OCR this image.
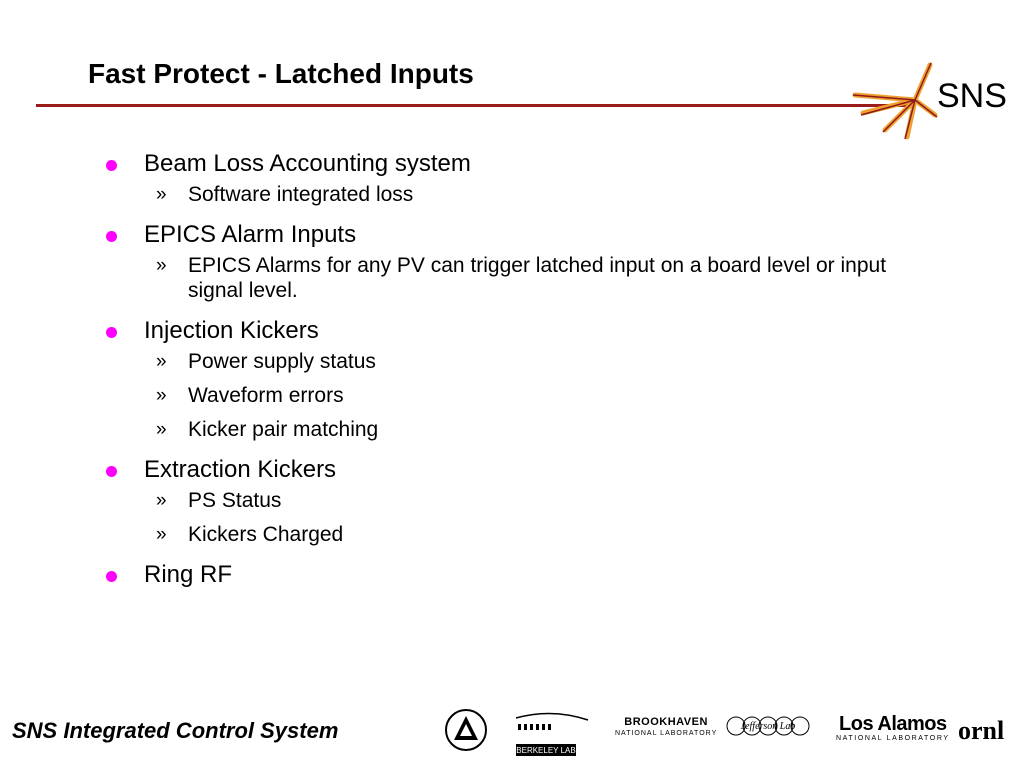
Fast Protect - Latched Inputs
SNS
Beam Loss Accounting system
» Software integrated loss
EPICS Alarm Inputs
» EPICS Alarms for any PV can trigger latched input on a board level or input signal level.
Injection Kickers
» Power supply status
» Waveform errors
» Kicker pair matching
Extraction Kickers
» PS Status
» Kickers Charged
Ring RF
SNS Integrated Control System
BERKELEY LAB
BROOKHAVEN
NATIONAL LABORATORY
Jefferson Lab Los Alamos
NATIONAL LABORATORY ornl
